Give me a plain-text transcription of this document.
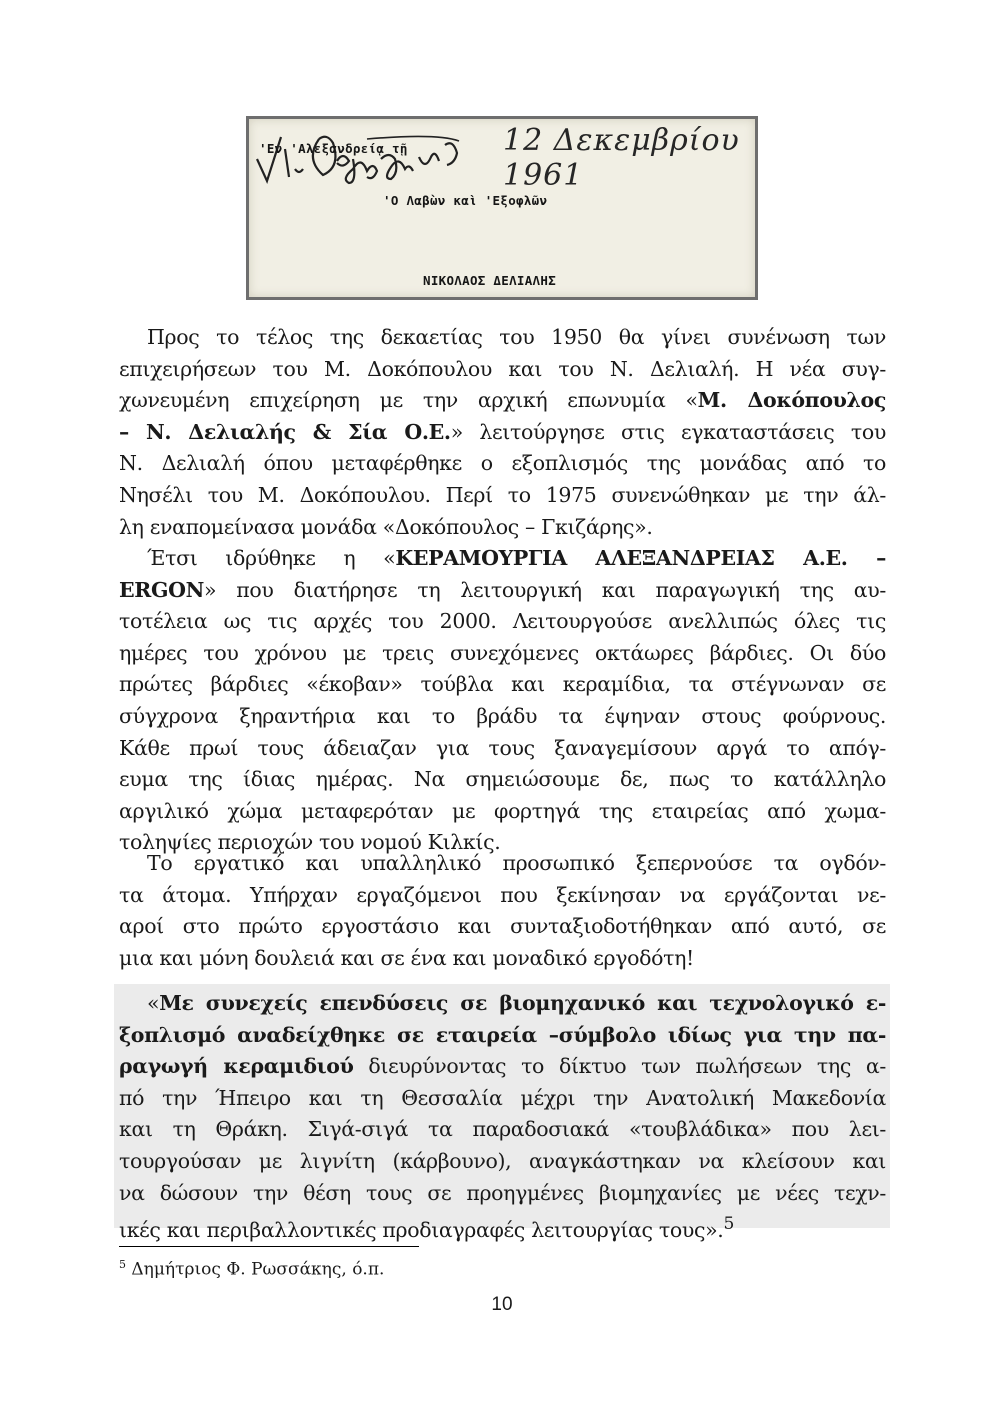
'Εν 'Αλεξανδρείᾳ τῇ	12 Δεκεμβρίου 1961
'Ο Λαβὼν καὶ 'Εξοφλῶν
ΝΙΚΟΛΑΟΣ ΔΕΛΙΑΛΗΣ
Προς το τέλος της δεκαετίας του 1950 θα γίνει συνένωση των
επιχειρήσεων του Μ. Δοκόπουλου και του Ν. Δελιαλή. Η νέα συγ-
χωνευμένη επιχείρηση με την αρχική επωνυμία «Μ. Δοκόπουλος
– Ν. Δελιαλής & Σία Ο.Ε.» λειτούργησε στις εγκαταστάσεις του
Ν. Δελιαλή όπου μεταφέρθηκε ο εξοπλισμός της μονάδας από το
Νησέλι του Μ. Δοκόπουλου. Περί το 1975 συνενώθηκαν με την άλ-
λη εναπομείνασα μονάδα «Δοκόπουλος – Γκιζάρης».
Έτσι ιδρύθηκε η «ΚΕΡΑΜΟΥΡΓΙΑ ΑΛΕΞΑΝΔΡΕΙΑΣ Α.Ε. –
ERGON» που διατήρησε τη λειτουργική και παραγωγική της αυ-
τοτέλεια ως τις αρχές του 2000. Λειτουργούσε ανελλιπώς όλες τις
ημέρες του χρόνου με τρεις συνεχόμενες οκτάωρες βάρδιες. Οι δύο
πρώτες βάρδιες «έκοβαν» τούβλα και κεραμίδια, τα στέγνωναν σε
σύγχρονα ξηραντήρια και το βράδυ τα έψηναν στους φούρνους.
Κάθε πρωί τους άδειαζαν για τους ξαναγεμίσουν αργά το απόγ-
ευμα της ίδιας ημέρας. Να σημειώσουμε δε, πως το κατάλληλο
αργιλικό χώμα μεταφερόταν με φορτηγά της εταιρείας από χωμα-
τοληψίες περιοχών του νομού Κιλκίς.
Το εργατικό και υπαλληλικό προσωπικό ξεπερνούσε τα ογδόν-
τα άτομα. Υπήρχαν εργαζόμενοι που ξεκίνησαν να εργάζονται νε-
αροί στο πρώτο εργοστάσιο και συνταξιοδοτήθηκαν από αυτό, σε
μια και μόνη δουλειά και σε ένα και μοναδικό εργοδότη!
«Με συνεχείς επενδύσεις σε βιομηχανικό και τεχνολογικό ε-
ξοπλισμό αναδείχθηκε σε εταιρεία –σύμβολο ιδίως για την πα-
ραγωγή κεραμιδιού διευρύνοντας το δίκτυο των πωλήσεων της α-
πό την Ήπειρο και τη Θεσσαλία μέχρι την Ανατολική Μακεδονία
και τη Θράκη. Σιγά-σιγά τα παραδοσιακά «τουβλάδικα» που λει-
τουργούσαν με λιγνίτη (κάρβουνο), αναγκάστηκαν να κλείσουν και
να δώσουν την θέση τους σε προηγμένες βιομηχανίες με νέες τεχν-
ικές και περιβαλλοντικές προδιαγραφές λειτουργίας τους».$^5$
$^5$ Δημήτριος Φ. Ρωσσάκης, ό.π.
10
